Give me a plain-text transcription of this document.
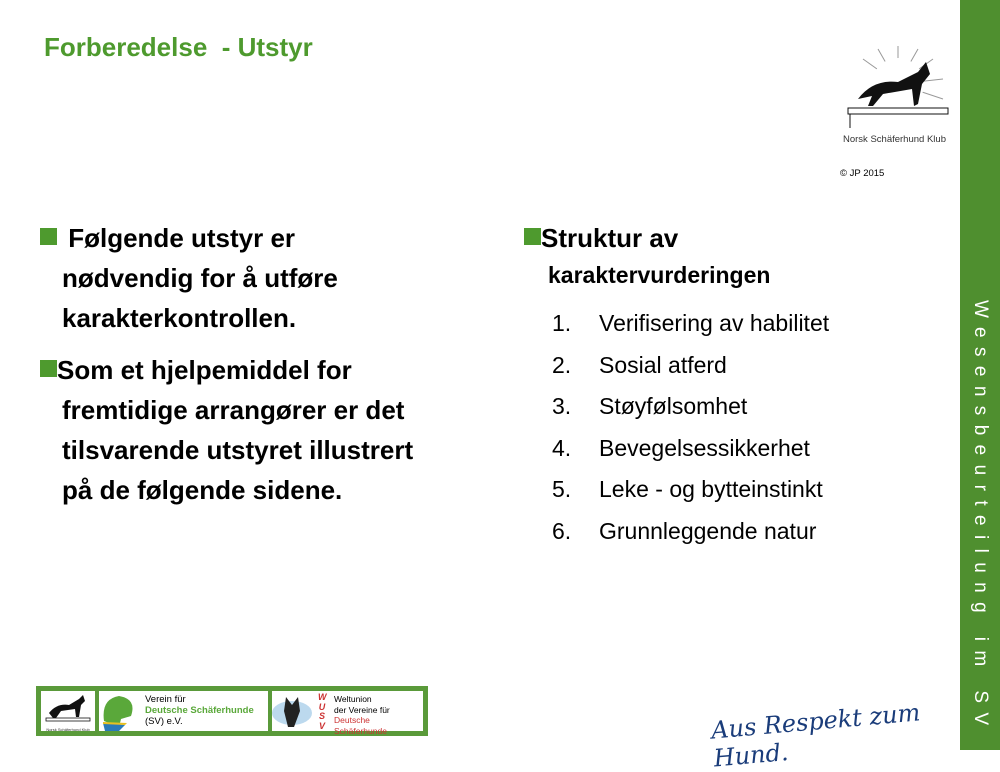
Forberedelse  - Utstyr
Norsk Schäferhund Klub
© JP 2015
Følgende utstyr er
nødvendig for å utføre
karakterkontrollen.
Som et hjelpemiddel for
fremtidige arrangører er det
tilsvarende utstyret illustrert
på de følgende sidene.
Struktur av
karaktervurderingen
1.	Verifisering av habilitet
2.	Sosial atferd
3.	Støyfølsomhet
4.	Bevegelsessikkerhet
5.	Leke - og bytteinstinkt
6.	Grunnleggende natur	Wesensbeurteilung im SV
Norsk Schäferhund Klub
Verein für
Deutsche Schäferhunde
(SV) e.V.
WUSV
Weltunion
der Vereine für
Deutsche Schäferhunde	Aus Respekt zum Hund.
